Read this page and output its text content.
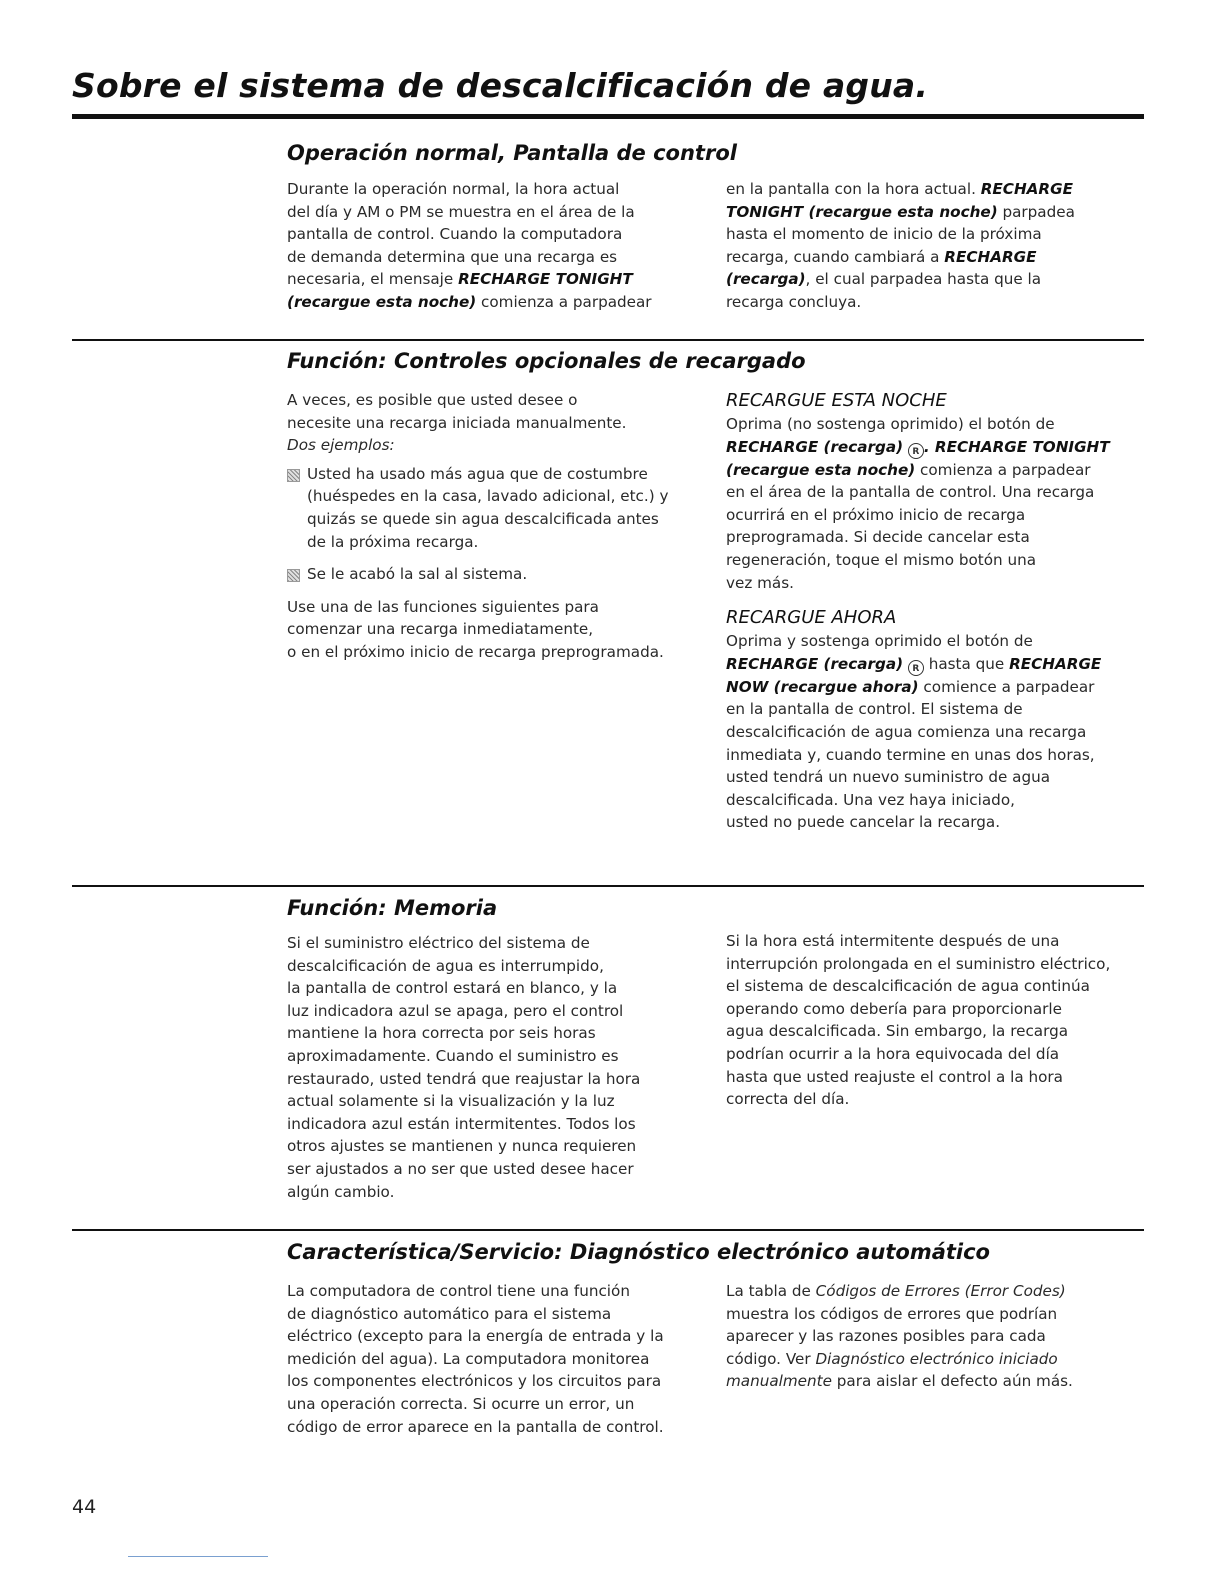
Sobre el sistema de descalcificación de agua.
Operación normal, Pantalla de control
Durante la operación normal, la hora actual
del día y AM o PM se muestra en el área de la
pantalla de control. Cuando la computadora
de demanda determina que una recarga es
necesaria, el mensaje RECHARGE TONIGHT
(recargue esta noche) comienza a parpadear
en la pantalla con la hora actual. RECHARGE
TONIGHT (recargue esta noche) parpadea
hasta el momento de inicio de la próxima
recarga, cuando cambiará a RECHARGE
(recarga), el cual parpadea hasta que la
recarga concluya.
Función: Controles opcionales de recargado
A veces, es posible que usted desee o
necesite una recarga iniciada manualmente.
Dos ejemplos:
Usted ha usado más agua que de costumbre
(huéspedes en la casa, lavado adicional, etc.) y
quizás se quede sin agua descalcificada antes
de la próxima recarga.
Se le acabó la sal al sistema.
Use una de las funciones siguientes para
comenzar una recarga inmediatamente,
o en el próximo inicio de recarga preprogramada.

RECARGUE ESTA NOCHE

Oprima (no sostenga oprimido) el botón de
RECHARGE (recarga) R . RECHARGE TONIGHT
(recargue esta noche) comienza a parpadear
en el área de la pantalla de control. Una recarga
ocurrirá en el próximo inicio de recarga
preprogramada. Si decide cancelar esta
regeneración, toque el mismo botón una
vez más.

RECARGUE AHORA

Oprima y sostenga oprimido el botón de
RECHARGE (recarga) R hasta que RECHARGE
NOW (recargue ahora) comience a parpadear
en la pantalla de control. El sistema de
descalcificación de agua comienza una recarga
inmediata y, cuando termine en unas dos horas,
usted tendrá un nuevo suministro de agua
descalcificada. Una vez haya iniciado,
usted no puede cancelar la recarga.
Función: Memoria
Si el suministro eléctrico del sistema de
descalcificación de agua es interrumpido,
la pantalla de control estará en blanco, y la
luz indicadora azul se apaga, pero el control
mantiene la hora correcta por seis horas
aproximadamente. Cuando el suministro es
restaurado, usted tendrá que reajustar la hora
actual solamente si la visualización y la luz
indicadora azul están intermitentes. Todos los
otros ajustes se mantienen y nunca requieren
ser ajustados a no ser que usted desee hacer
algún cambio.
Si la hora está intermitente después de una
interrupción prolongada en el suministro eléctrico,
el sistema de descalcificación de agua continúa
operando como debería para proporcionarle
agua descalcificada. Sin embargo, la recarga
podrían ocurrir a la hora equivocada del día
hasta que usted reajuste el control a la hora
correcta del día.
Característica/Servicio: Diagnóstico electrónico automático
La computadora de control tiene una función
de diagnóstico automático para el sistema
eléctrico (excepto para la energía de entrada y la
medición del agua). La computadora monitorea
los componentes electrónicos y los circuitos para
una operación correcta. Si ocurre un error, un
código de error aparece en la pantalla de control.
La tabla de Códigos de Errores (Error Codes)
muestra los códigos de errores que podrían
aparecer y las razones posibles para cada
código. Ver Diagnóstico electrónico iniciado
manualmente para aislar el defecto aún más.

44
